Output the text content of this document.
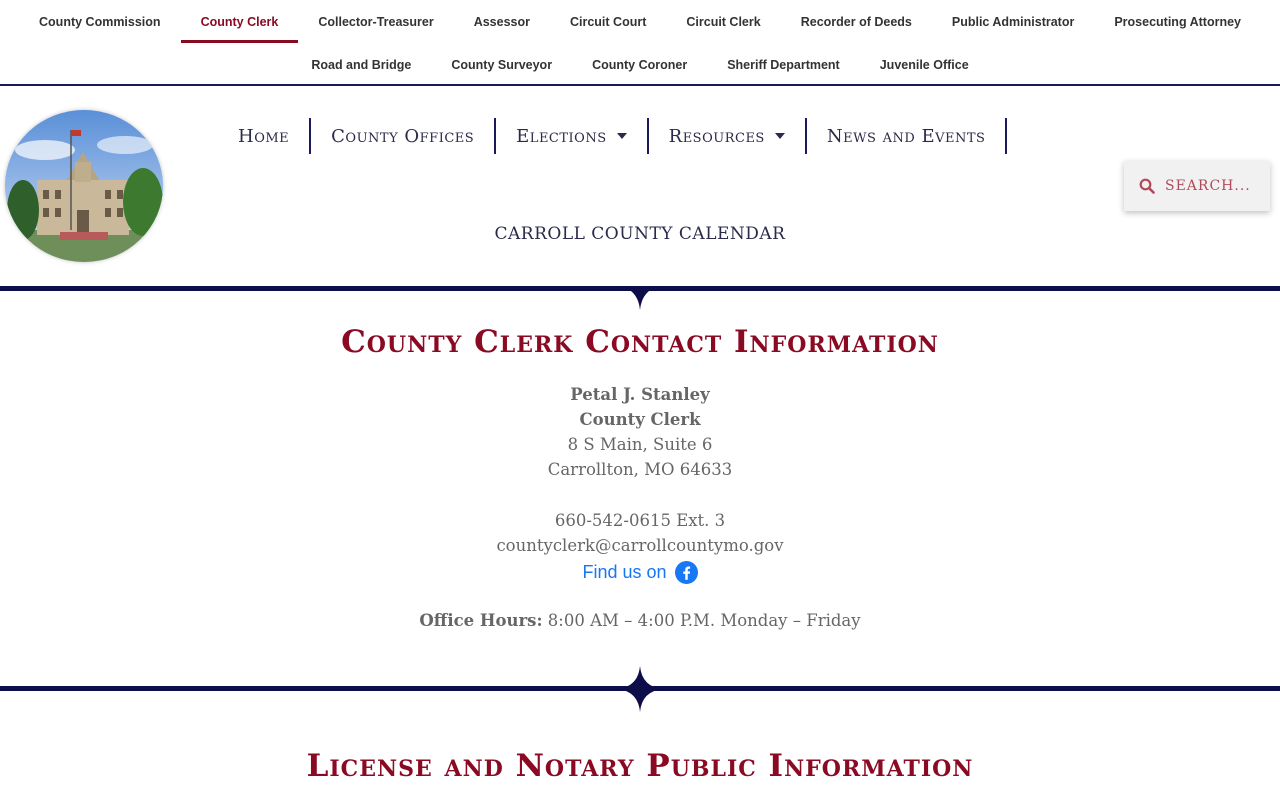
County Commission	County Clerk	Collector-Treasurer	Assessor	Circuit Court	Circuit Clerk	Recorder of Deeds	Public Administrator	Prosecuting Attorney
Road and Bridge	County Surveyor	County Coroner	Sheriff Department	Juvenile Office
Home County Offices Elections	Resources	News and Events
CARROLL COUNTY CALENDAR
SEARCH...
County Clerk Contact Information
Petal J. Stanley
County Clerk
8 S Main, Suite 6
Carrollton, MO 64633
660-542-0615 Ext. 3
countyclerk@carrollcountymo.gov
Find us on
Office Hours: 8:00 AM – 4:00 P.M. Monday – Friday
License and Notary Public Information
